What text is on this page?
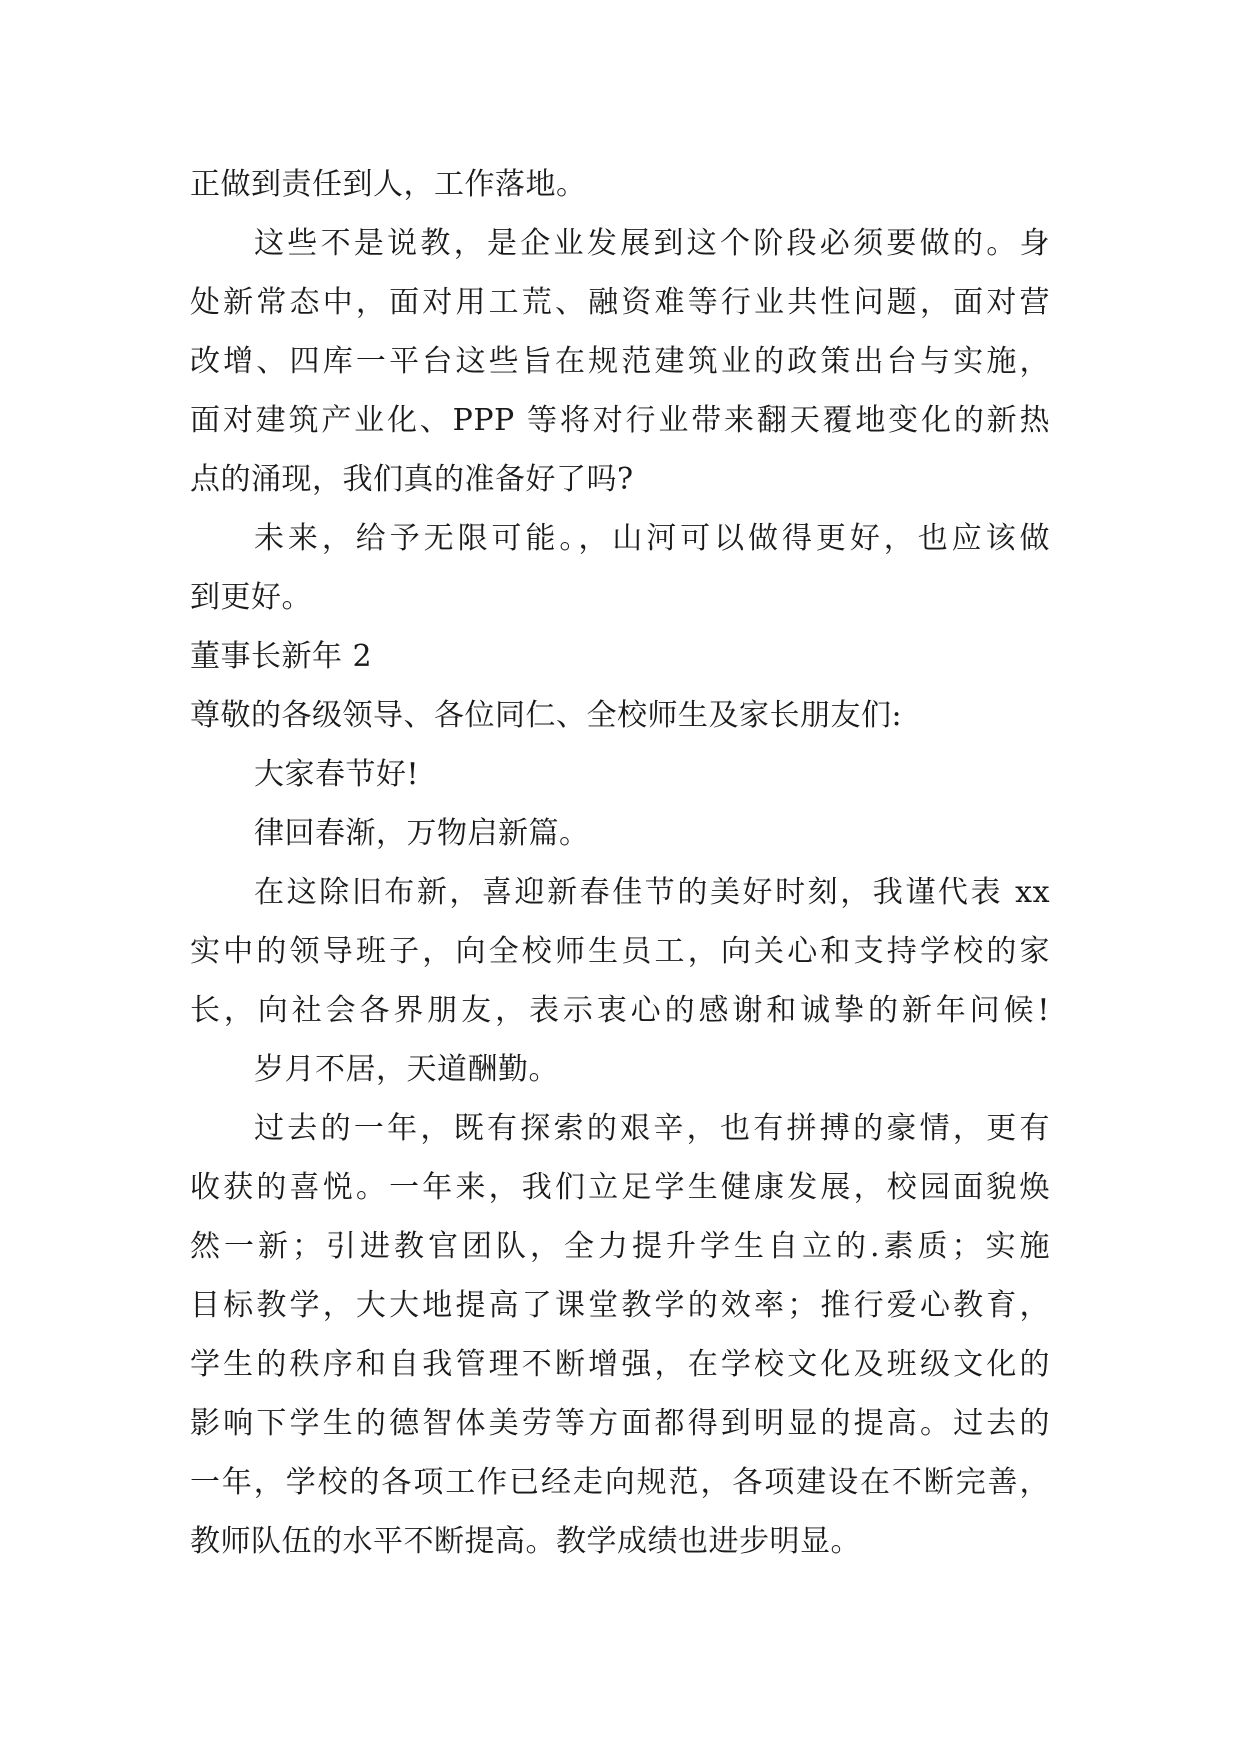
正做到责任到人，工作落地。
这些不是说教，是企业发展到这个阶段必须要做的。身
处新常态中，面对用工荒、融资难等行业共性问题，面对营
改增、四库一平台这些旨在规范建筑业的政策出台与实施，
面对建筑产业化、PPP 等将对行业带来翻天覆地变化的新热
点的涌现，我们真的准备好了吗?
未来，给予无限可能。，山河可以做得更好，也应该做
到更好。
董事长新年 2
尊敬的各级领导、各位同仁、全校师生及家长朋友们:
大家春节好!
律回春渐，万物启新篇。
在这除旧布新，喜迎新春佳节的美好时刻，我谨代表 xx
实中的领导班子，向全校师生员工，向关心和支持学校的家
长，向社会各界朋友，表示衷心的感谢和诚挚的新年问候!
岁月不居，天道酬勤。
过去的一年，既有探索的艰辛，也有拼搏的豪情，更有
收获的喜悦。一年来，我们立足学生健康发展，校园面貌焕
然一新；引进教官团队，全力提升学生自立的.素质；实施
目标教学，大大地提高了课堂教学的效率；推行爱心教育，
学生的秩序和自我管理不断增强，在学校文化及班级文化的
影响下学生的德智体美劳等方面都得到明显的提高。过去的
一年，学校的各项工作已经走向规范，各项建设在不断完善，
教师队伍的水平不断提高。教学成绩也进步明显。
